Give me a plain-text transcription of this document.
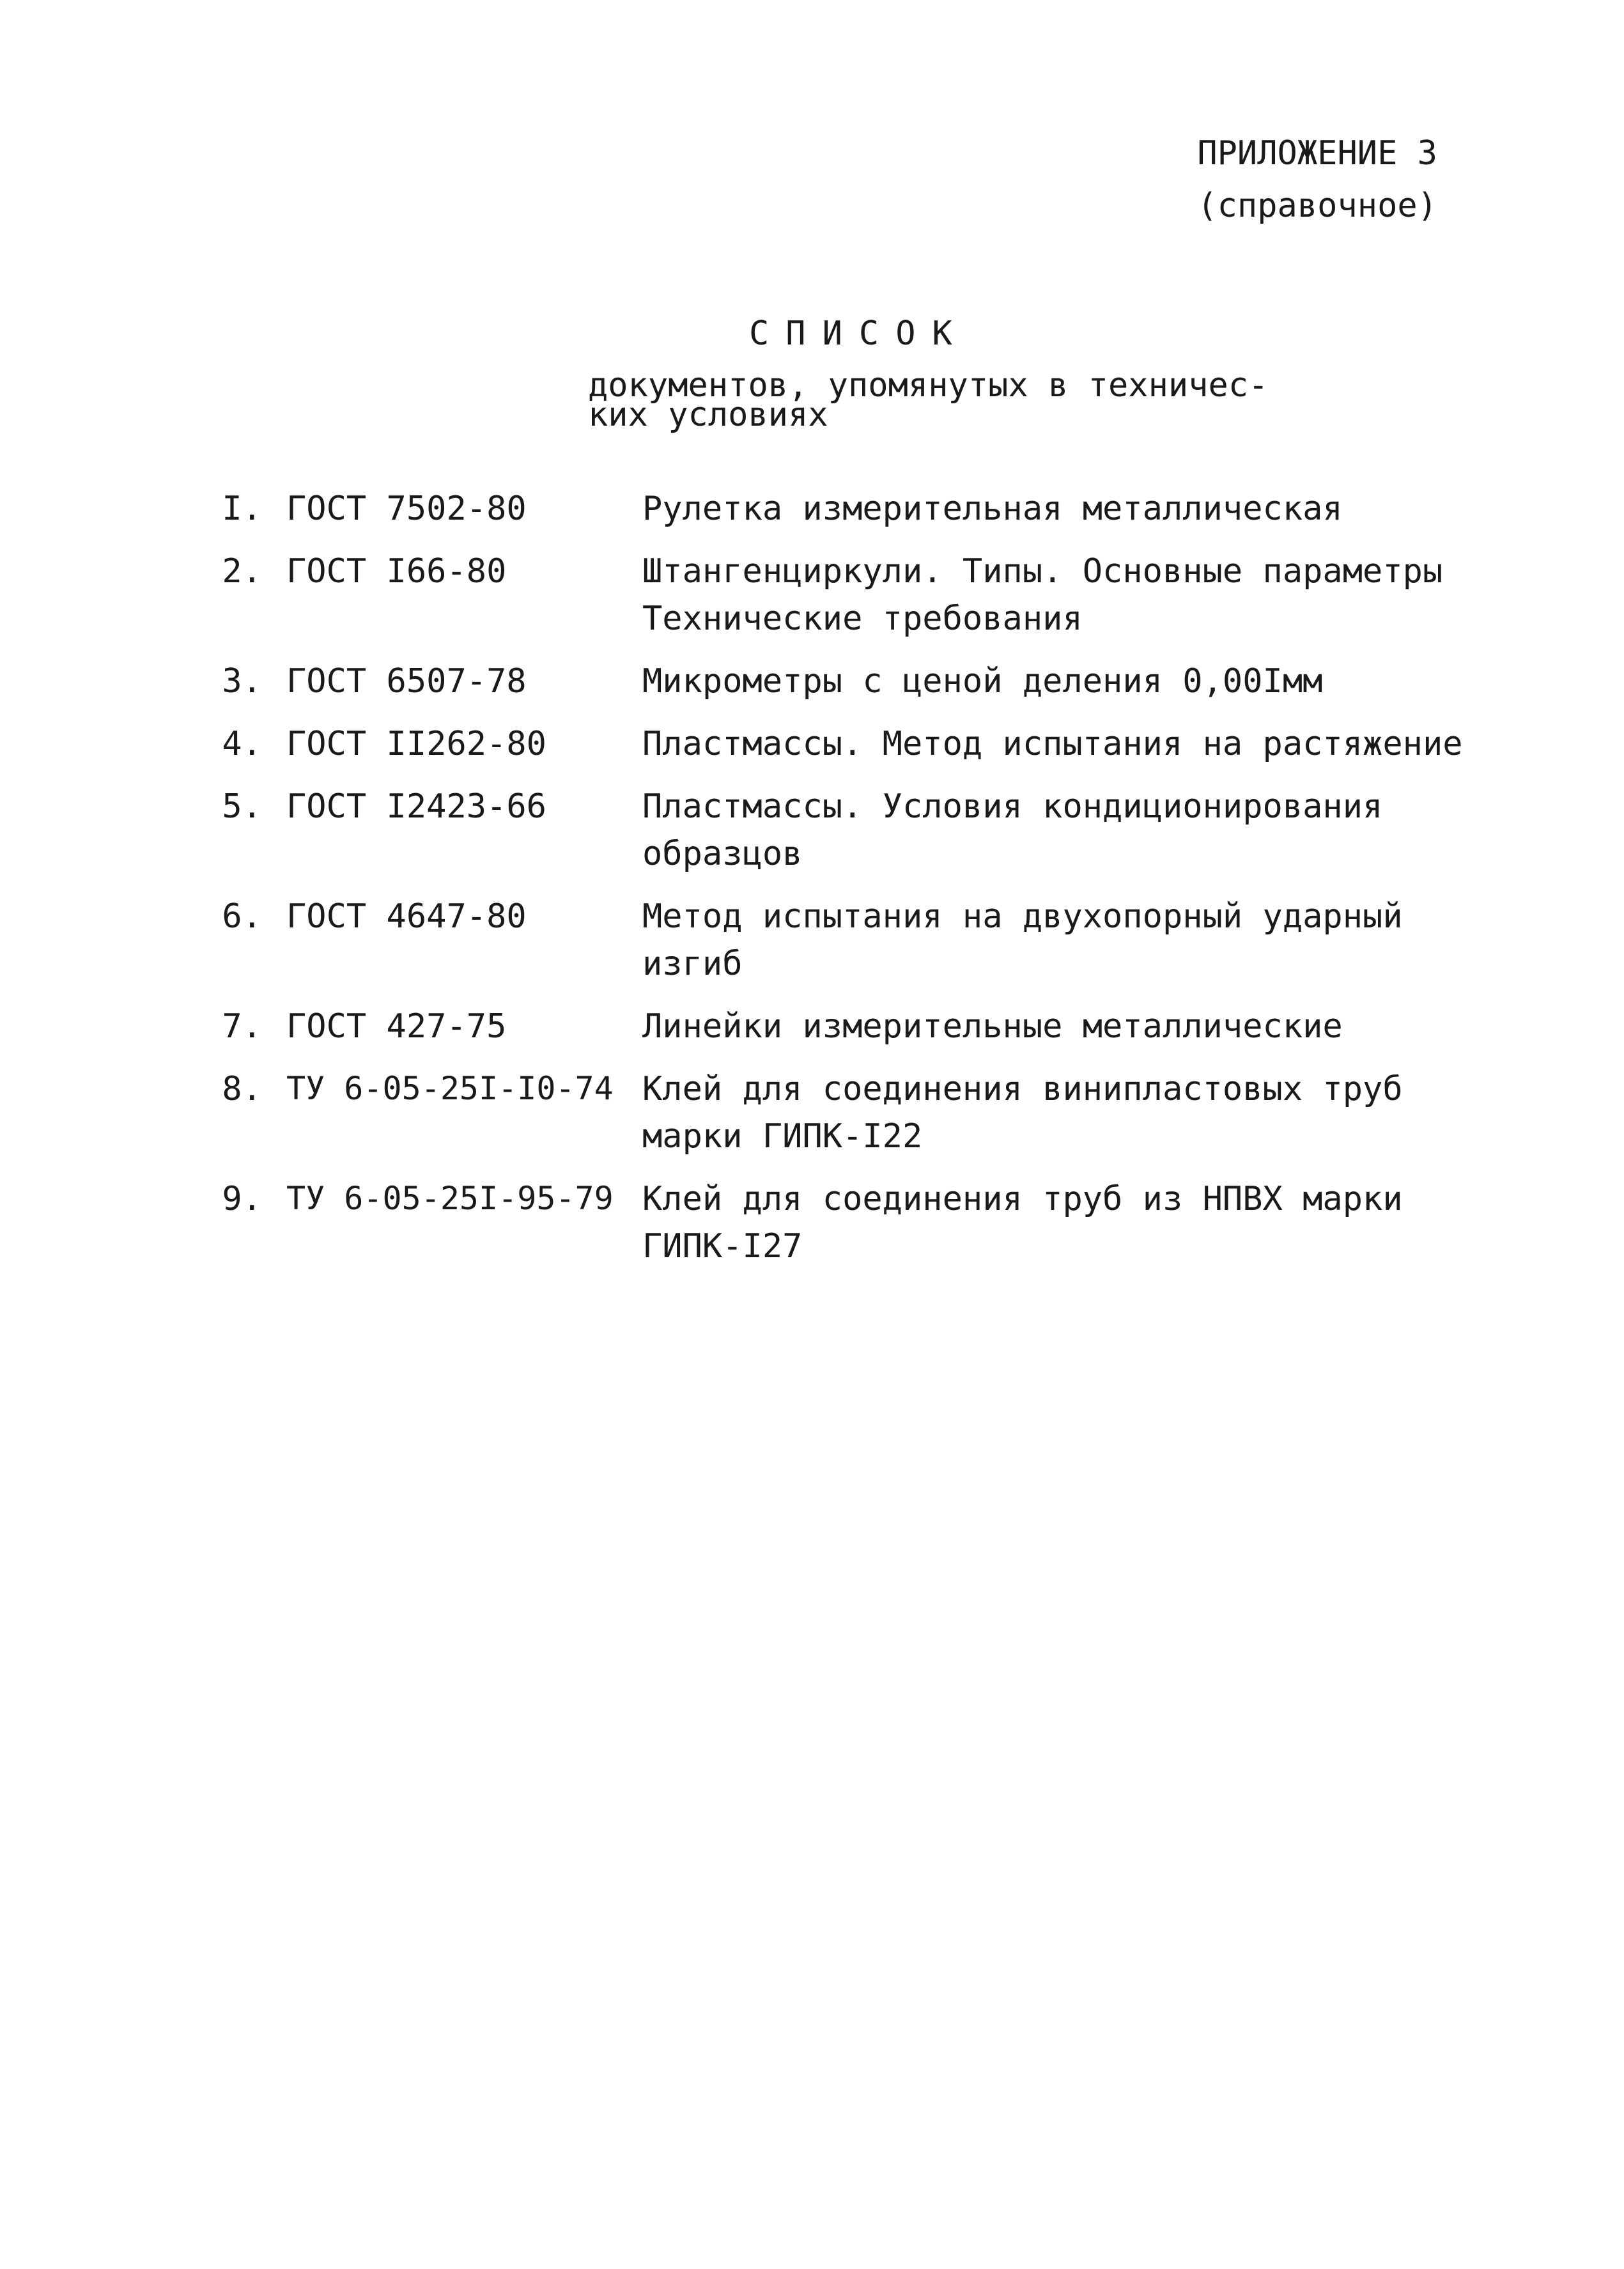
ПРИЛОЖЕНИЕ 3
(справочное)
СПИСОК
документов, упомянутых в техничес-
ких условиях
I. ГОСТ 7502-80	Рулетка измерительная металлическая
2. ГОСТ I66-80	Штангенциркули. Типы. Основные параметры Технические требования
3. ГОСТ 6507-78	Микрометры с ценой деления 0,00Iмм
4. ГОСТ II262-80	Пластмассы. Метод испытания на растяжение
5. ГОСТ I2423-66	Пластмассы. Условия кондиционирования образцов
6. ГОСТ 4647-80	Метод испытания на двухопорный ударный изгиб
7. ГОСТ 427-75	Линейки измерительные металлические
8. ТУ 6-05-25I-I0-74 Клей для соединения винипластовых труб марки ГИПК-I22
9. ТУ 6-05-25I-95-79 Клей для соединения труб из НПВХ марки ГИПК-I27
